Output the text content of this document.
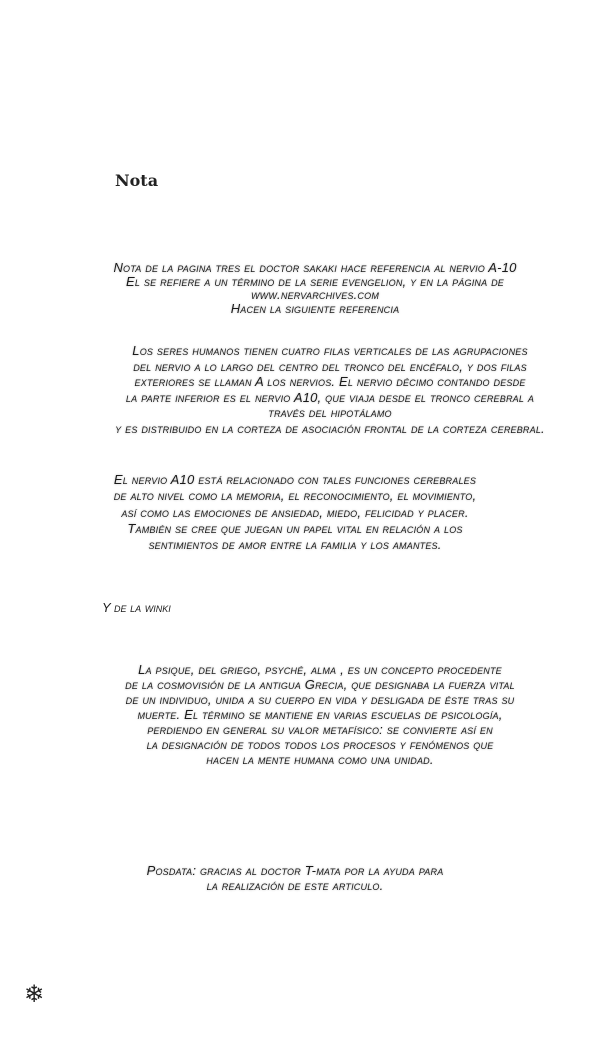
Nota
Nota de la pagina tres el doctor sakaki hace referencia al nervio A-10
El se refiere a un término de la serie evengelion, y en la página de
www.nervarchives.com
Hacen la siguiente referencia
Los seres humanos tienen cuatro filas verticales de las agrupaciones
del nervio a lo largo del centro del tronco del encéfalo, y dos filas
exteriores se llaman A los nervios. El nervio décimo contando desde
la parte inferior es el nervio A10, que viaja desde el tronco cerebral a
través del hipotálamo
y es distribuido en la corteza de asociación frontal de la corteza cerebral.
El nervio A10 está relacionado con tales funciones cerebrales
de alto nivel como la memoria, el reconocimiento, el movimiento,
así como las emociones de ansiedad, miedo, felicidad y placer.
También se cree que juegan un papel vital en relación a los
sentimientos de amor entre la familia y los amantes.
Y de la winki
La psique, del griego, psyché, alma , es un concepto procedente
de la cosmovisión de la antigua Grecia, que designaba la fuerza vital
de un individuo, unida a su cuerpo en vida y desligada de éste tras su
muerte. El término se mantiene en varias escuelas de psicología,
perdiendo en general su valor metafísico: se convierte así en
la designación de todos todos los procesos y fenómenos que
hacen la mente humana como una unidad.
Posdata: gracias al doctor T-mata por la ayuda para
la realización de este articulo.
❄
